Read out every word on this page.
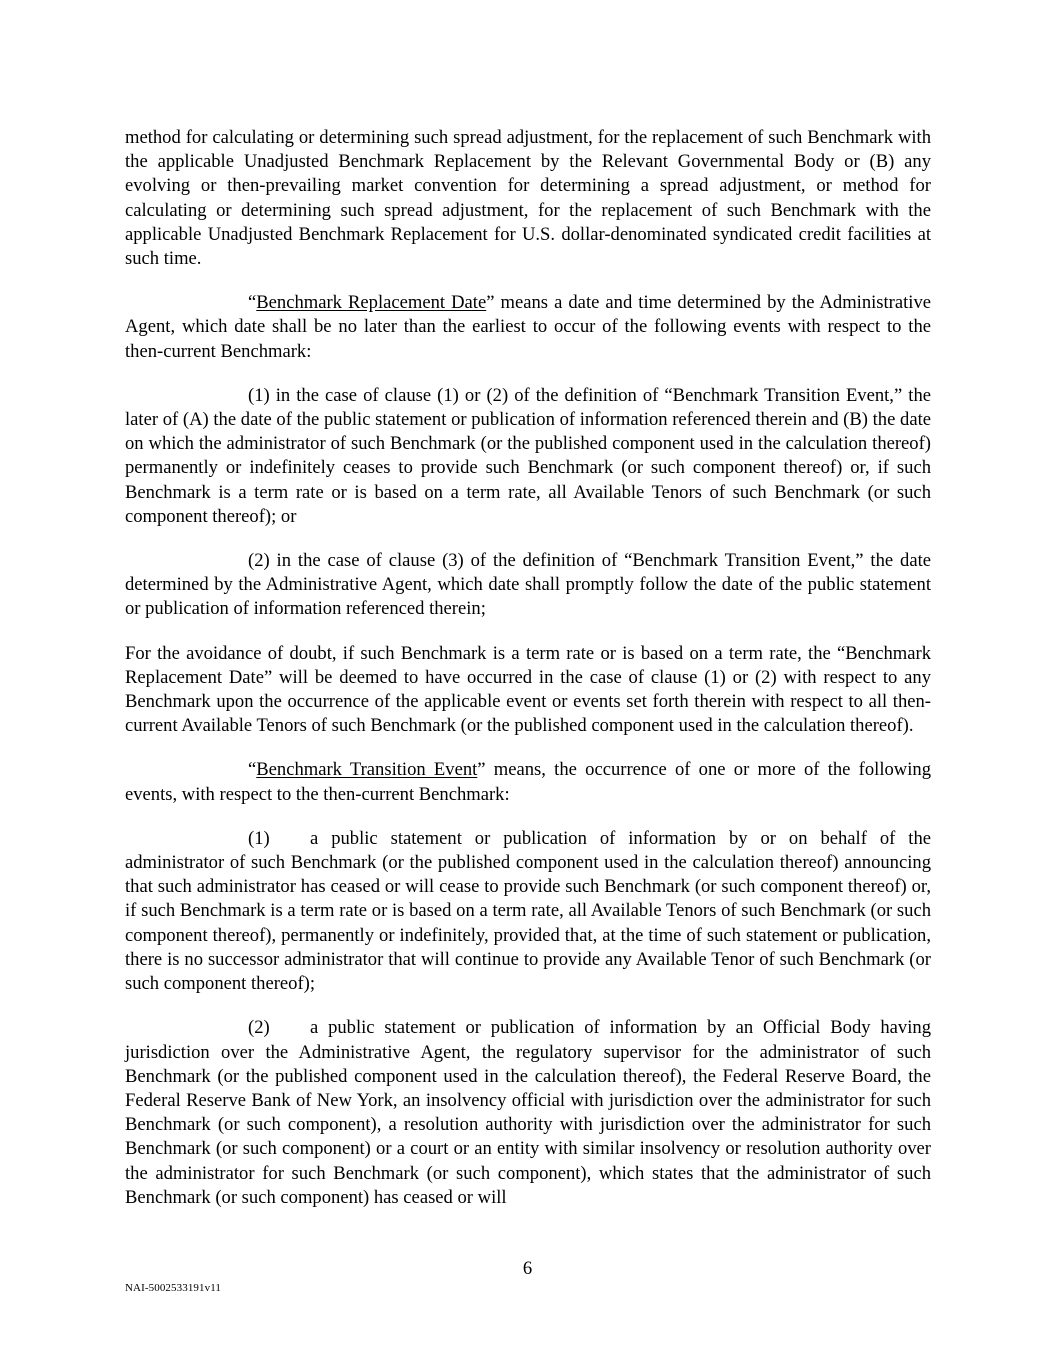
method for calculating or determining such spread adjustment, for the replacement of such Benchmark with the applicable Unadjusted Benchmark Replacement by the Relevant Governmental Body or (B) any evolving or then-prevailing market convention for determining a spread adjustment, or method for calculating or determining such spread adjustment, for the replacement of such Benchmark with the applicable Unadjusted Benchmark Replacement for U.S. dollar-denominated syndicated credit facilities at such time.

“Benchmark Replacement Date” means a date and time determined by the Administrative Agent, which date shall be no later than the earliest to occur of the following events with respect to the then-current Benchmark:

(1) in the case of clause (1) or (2) of the definition of “Benchmark Transition Event,” the later of (A) the date of the public statement or publication of information referenced therein and (B) the date on which the administrator of such Benchmark (or the published component used in the calculation thereof) permanently or indefinitely ceases to provide such Benchmark (or such component thereof) or, if such Benchmark is a term rate or is based on a term rate, all Available Tenors of such Benchmark (or such component thereof); or

(2) in the case of clause (3) of the definition of “Benchmark Transition Event,” the date determined by the Administrative Agent, which date shall promptly follow the date of the public statement or publication of information referenced therein;

For the avoidance of doubt, if such Benchmark is a term rate or is based on a term rate, the “Benchmark Replacement Date” will be deemed to have occurred in the case of clause (1) or (2) with respect to any Benchmark upon the occurrence of the applicable event or events set forth therein with respect to all then-current Available Tenors of such Benchmark (or the published component used in the calculation thereof).

“Benchmark Transition Event” means, the occurrence of one or more of the following events, with respect to the then-current Benchmark:

(1) a public statement or publication of information by or on behalf of the administrator of such Benchmark (or the published component used in the calculation thereof) announcing that such administrator has ceased or will cease to provide such Benchmark (or such component thereof) or, if such Benchmark is a term rate or is based on a term rate, all Available Tenors of such Benchmark (or such component thereof), permanently or indefinitely, provided that, at the time of such statement or publication, there is no successor administrator that will continue to provide any Available Tenor of such Benchmark (or such component thereof);

(2) a public statement or publication of information by an Official Body having jurisdiction over the Administrative Agent, the regulatory supervisor for the administrator of such Benchmark (or the published component used in the calculation thereof), the Federal Reserve Board, the Federal Reserve Bank of New York, an insolvency official with jurisdiction over the administrator for such Benchmark (or such component), a resolution authority with jurisdiction over the administrator for such Benchmark (or such component) or a court or an entity with similar insolvency or resolution authority over the administrator for such Benchmark (or such component), which states that the administrator of such Benchmark (or such component) has ceased or will

6
NAI-5002533191v11
